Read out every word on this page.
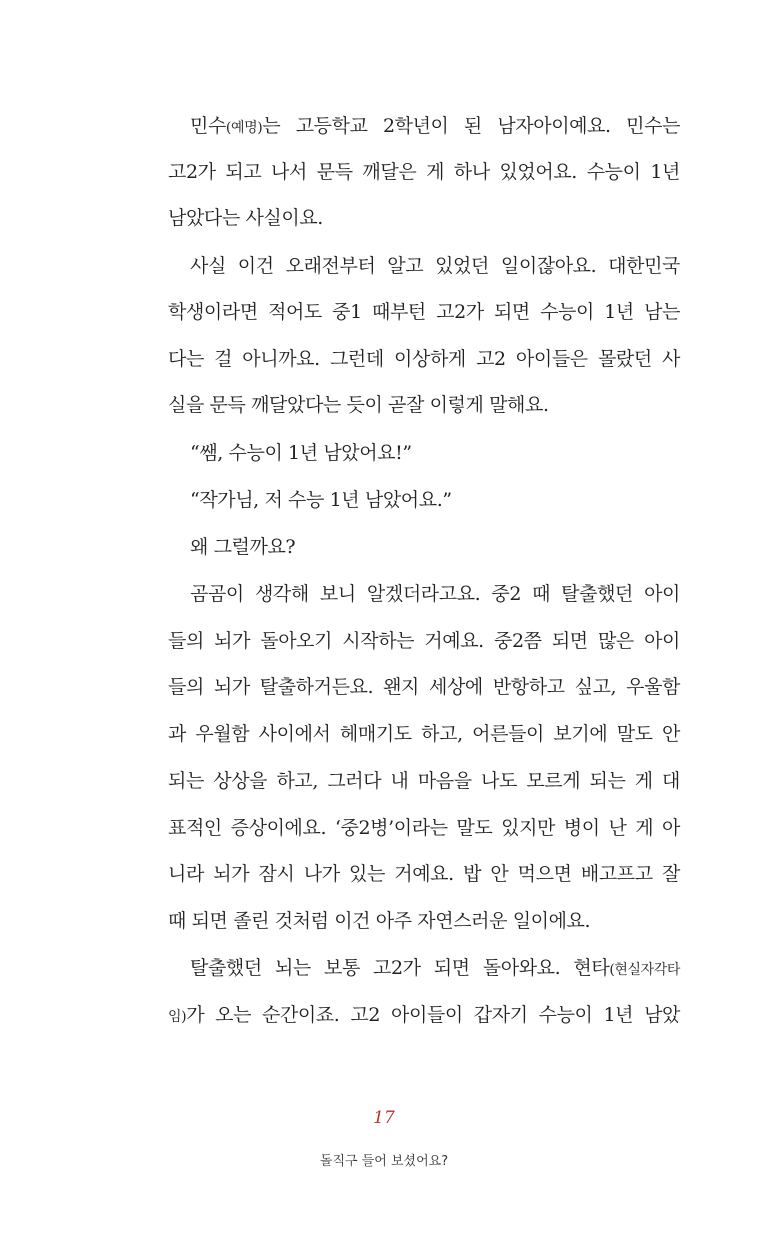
민수(예명)는 고등학교 2학년이 된 남자아이예요. 민수는
고2가 되고 나서 문득 깨달은 게 하나 있었어요. 수능이 1년
남았다는 사실이요.
사실 이건 오래전부터 알고 있었던 일이잖아요. 대한민국
학생이라면 적어도 중1 때부턴 고2가 되면 수능이 1년 남는
다는 걸 아니까요. 그런데 이상하게 고2 아이들은 몰랐던 사
실을 문득 깨달았다는 듯이 곧잘 이렇게 말해요.
“쌤, 수능이 1년 남았어요!”
“작가님, 저 수능 1년 남았어요.”
왜 그럴까요?
곰곰이 생각해 보니 알겠더라고요. 중2 때 탈출했던 아이
들의 뇌가 돌아오기 시작하는 거예요. 중2쯤 되면 많은 아이
들의 뇌가 탈출하거든요. 왠지 세상에 반항하고 싶고, 우울함
과 우월함 사이에서 헤매기도 하고, 어른들이 보기에 말도 안
되는 상상을 하고, 그러다 내 마음을 나도 모르게 되는 게 대
표적인 증상이에요. ‘중2병’이라는 말도 있지만 병이 난 게 아
니라 뇌가 잠시 나가 있는 거예요. 밥 안 먹으면 배고프고 잘
때 되면 졸린 것처럼 이건 아주 자연스러운 일이에요.
탈출했던 뇌는 보통 고2가 되면 돌아와요. 현타(현실자각타
임)가 오는 순간이죠. 고2 아이들이 갑자기 수능이 1년 남았
17
돌직구 들어 보셨어요?
